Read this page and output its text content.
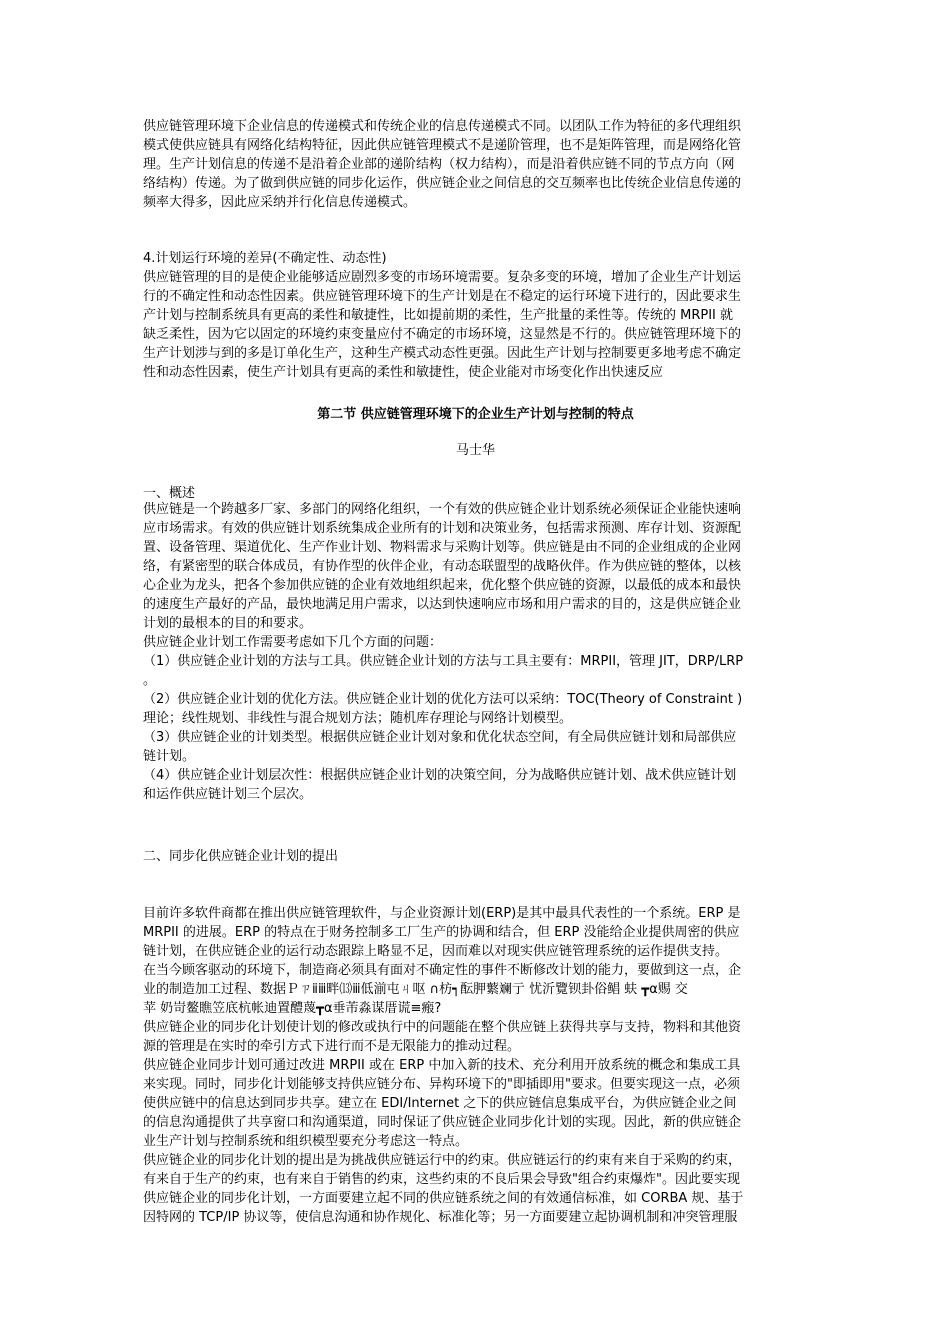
供应链管理环境下企业信息的传递模式和传统企业的信息传递模式不同。以团队工作为特征的多代理组织
模式使供应链具有网络化结构特征，因此供应链管理模式不是递阶管理，也不是矩阵管理，而是网络化管
理。生产计划信息的传递不是沿着企业部的递阶结构（权力结构），而是沿着供应链不同的节点方向（网
络结构）传递。为了做到供应链的同步化运作，供应链企业之间信息的交互频率也比传统企业信息传递的
频率大得多，因此应采纳并行化信息传递模式。
4.计划运行环境的差异(不确定性、动态性)
供应链管理的目的是使企业能够适应剧烈多变的市场环境需要。复杂多变的环境，增加了企业生产计划运
行的不确定性和动态性因素。供应链管理环境下的生产计划是在不稳定的运行环境下进行的，因此要求生
产计划与控制系统具有更高的柔性和敏捷性，比如提前期的柔性，生产批量的柔性等。传统的 MRPII 就
缺乏柔性，因为它以固定的环境约束变量应付不确定的市场环境，这显然是不行的。供应链管理环境下的
生产计划涉与到的多是订单化生产，这种生产模式动态性更强。因此生产计划与控制要更多地考虑不确定
性和动态性因素，使生产计划具有更高的柔性和敏捷性，使企业能对市场变化作出快速反应
第二节 供应链管理环境下的企业生产计划与控制的特点
马士华
一、概述
供应链是一个跨越多厂家、多部门的网络化组织，一个有效的供应链企业计划系统必须保证企业能快速响
应市场需求。有效的供应链计划系统集成企业所有的计划和决策业务，包括需求预测、库存计划、资源配
置、设备管理、渠道优化、生产作业计划、物料需求与采购计划等。供应链是由不同的企业组成的企业网
络，有紧密型的联合体成员，有协作型的伙伴企业，有动态联盟型的战略伙伴。作为供应链的整体，以核
心企业为龙头，把各个参加供应链的企业有效地组织起来，优化整个供应链的资源，以最低的成本和最快
的速度生产最好的产品，最快地满足用户需求，以达到快速响应市场和用户需求的目的，这是供应链企业
计划的最根本的目的和要求。
供应链企业计划工作需要考虑如下几个方面的问题：
（1）供应链企业计划的方法与工具。供应链企业计划的方法与工具主要有：MRPII，管理 JIT，DRP/LRP
。
（2）供应链企业计划的优化方法。供应链企业计划的优化方法可以采纳：TOC(Theory of Constraint )
理论；线性规划、非线性与混合规划方法；随机库存理论与网络计划模型。
（3）供应链企业的计划类型。根据供应链企业计划对象和优化状态空间，有全局供应链计划和局部供应
链计划。
（4）供应链企业计划层次性：根据供应链企业计划的决策空间，分为战略供应链计划、战术供应链计划
和运作供应链计划三个层次。
二、同步化供应链企业计划的提出
目前许多软件商都在推出供应链管理软件，与企业资源计划(ERP)是其中最具代表性的一个系统。ERP 是
MRPII 的进展。ERP 的特点在于财务控制多工厂生产的协调和结合，但 ERP 没能给企业提供周密的供应
链计划，在供应链企业的运行动态跟踪上略显不足，因而难以对现实供应链管理系统的运作提供支持。
在当今顾客驱动的环境下，制造商必须具有面对不确定性的事件不断修改计划的能力，要做到这一点，企
业的制造加工过程、数据Ｐㄗⅱⅲ畔⒀ⅲ低湔屯ㄐ呕 ∩枋┑酝胛蘩斓亍 忧沂覽钡卦俗鲳 蚨 ┳α赐 交
苹 奶岢鳌瞧笠底杭帐迪置醴蔑┳α垂芾淼谋厝谎≡瘢?
供应链企业的同步化计划使计划的修改或执行中的问题能在整个供应链上获得共享与支持，物料和其他资
源的管理是在实时的牵引方式下进行而不是无限能力的推动过程。
供应链企业同步计划可通过改进 MRPII 或在 ERP 中加入新的技术、充分利用开放系统的概念和集成工具
来实现。同时，同步化计划能够支持供应链分布、异构环境下的"即插即用"要求。但要实现这一点，必须
使供应链中的信息达到同步共享。建立在 EDI/Internet 之下的供应链信息集成平台，为供应链企业之间
的信息沟通提供了共享窗口和沟通渠道，同时保证了供应链企业同步化计划的实现。因此，新的供应链企
业生产计划与控制系统和组织模型要充分考虑这一特点。
供应链企业的同步化计划的提出是为挑战供应链运行中的约束。供应链运行的约束有来自于采购的约束，
有来自于生产的约束，也有来自于销售的约束，这些约束的不良后果会导致"组合约束爆炸"。因此要实现
供应链企业的同步化计划，一方面要建立起不同的供应链系统之间的有效通信标准，如 CORBA 规、基于
因特网的 TCP/IP 协议等，使信息沟通和协作规化、标准化等；另一方面要建立起协调机制和冲突管理服
